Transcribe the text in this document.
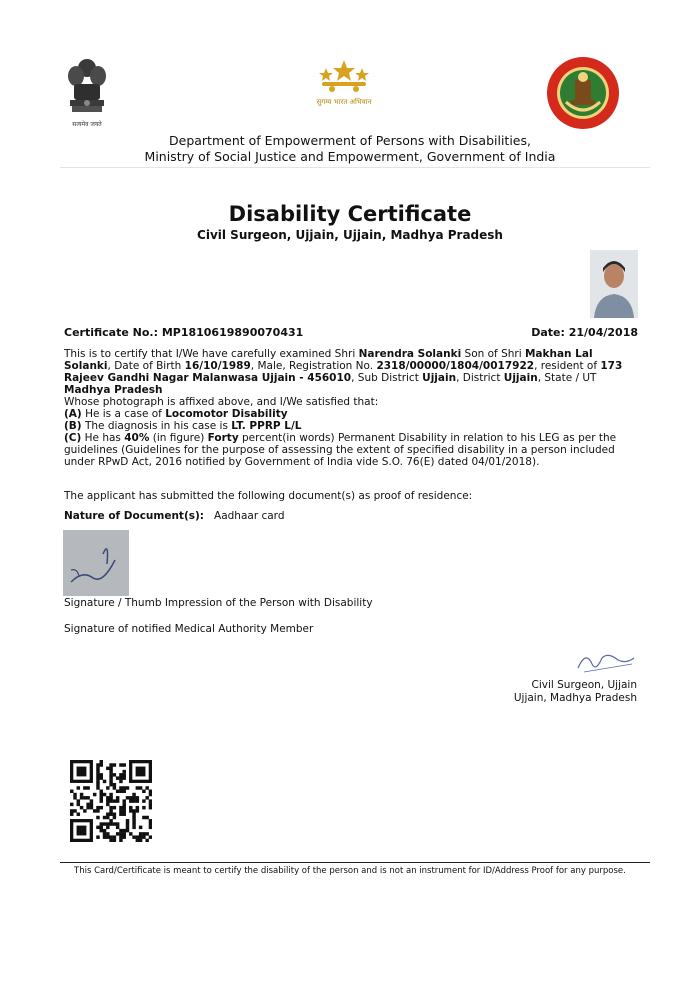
सत्यमेव जयते
सुगम्य भारत अभियान
Department of Empowerment of Persons with Disabilities,
Ministry of Social Justice and Empowerment, Government of India
Disability Certificate
Civil Surgeon, Ujjain, Ujjain, Madhya Pradesh
Certificate No.: MP1810619890070431	Date: 21/04/2018

This is to certify that I/We have carefully examined Shri Narendra Solanki Son of Shri Makhan Lal Solanki, Date of Birth 16/10/1989, Male, Registration No. 2318/00000/1804/0017922, resident of 173 Rajeev Gandhi Nagar Malanwasa Ujjain - 456010, Sub District Ujjain, District Ujjain, State / UT Madhya Pradesh

Whose photograph is affixed above, and I/We satisfied that:

(A) He is a case of Locomotor Disability

(B) The diagnosis in his case is LT. PPRP L/L

(C) He has 40% (in figure) Forty percent(in words) Permanent Disability in relation to his LEG as per the guidelines (Guidelines for the purpose of assessing the extent of specified disability in a person included under RPwD Act, 2016 notified by Government of India vide S.O. 76(E) dated 04/01/2018).

The applicant has submitted the following document(s) as proof of residence:
Nature of Document(s): Aadhaar card
Signature / Thumb Impression of the Person with Disability
Signature of notified Medical Authority Member
Civil Surgeon, Ujjain
Ujjain, Madhya Pradesh
This Card/Certificate is meant to certify the disability of the person and is not an instrument for ID/Address Proof for any purpose.
